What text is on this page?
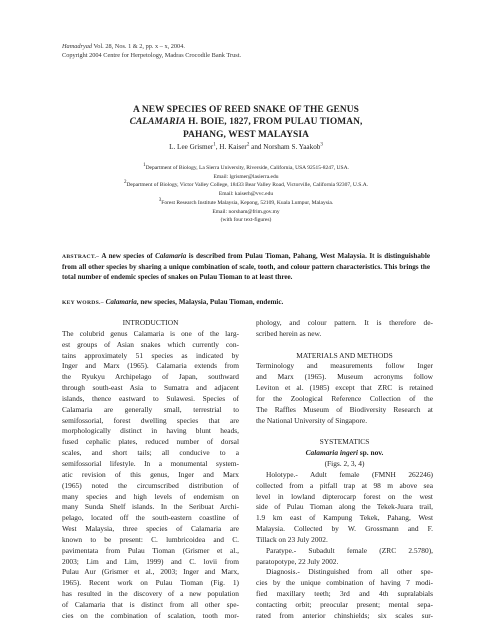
Hamadryad Vol. 28, Nos. 1 & 2, pp. x – x, 2004.
Copyright 2004 Centre for Herpetology, Madras Crocodile Bank Trust.
A NEW SPECIES OF REED SNAKE OF THE GENUS
CALAMARIA H. BOIE, 1827, FROM PULAU TIOMAN,
PAHANG, WEST MALAYSIA
L. Lee Grismer$^1$, H. Kaiser$^2$ and Norsham S. Yaakob$^3$
$^1$Department of Biology, La Sierra University, Riverside, California, USA 92515-8247, USA.
Email: lgrismer@lasierra.edu
$^2$Department of Biology, Victor Valley College, 18433 Bear Valley Road, Victorville, California 92307, U.S.A.
Email: kaiserh@vvc.edu
$^3$Forest Research Institute Malaysia, Kepong, 52109, Kuala Lumpur, Malaysia.
Email: norsham@frim.gov.my
(with four text-figures)
ABSTRACT.– A new species of Calamaria is described from Pulau Tioman, Pahang, West Malaysia. It is distinguishable from all other species by sharing a unique combination of scale, tooth, and colour pattern characteristics. This brings the total number of endemic species of snakes on Pulau Tioman to at least three.
KEY WORDS.– Calamaria, new species, Malaysia, Pulau Tioman, endemic.
INTRODUCTION
The colubrid genus Calamaria is one of the larg-
est groups of Asian snakes which currently con-
tains approximately 51 species as indicated by
Inger and Marx (1965). Calamaria extends from
the Ryukyu Archipelago of Japan, southward
through south-east Asia to Sumatra and adjacent
islands, thence eastward to Sulawesi. Species of
Calamaria are generally small, terrestrial to
semifossorial, forest dwelling species that are
morphologically distinct in having blunt heads,
fused cephalic plates, reduced number of dorsal
scales, and short tails; all conducive to a
semifossorial lifestyle. In a monumental system-
atic revision of this genus, Inger and Marx
(1965) noted the circumscribed distribution of
many species and high levels of endemism on
many Sunda Shelf islands. In the Seribuat Archi-
pelago, located off the south-eastern coastline of
West Malaysia, three species of Calamaria are
known to be present: C. lumbricoidea and C.
pavimentata from Pulau Tioman (Grismer et al.,
2003; Lim and Lim, 1999) and C. lovii from
Pulau Aur (Grismer et al., 2003; Inger and Marx,
1965). Recent work on Pulau Tioman (Fig. 1)
has resulted in the discovery of a new population
of Calamaria that is distinct from all other spe-
cies on the combination of scalation, tooth mor-
phology, and colour pattern. It is therefore de-
scribed herein as new.
MATERIALS AND METHODS
Terminology and measurements follow Inger
and Marx (1965). Museum acronyms follow
Leviton et al. (1985) except that ZRC is retained
for the Zoological Reference Collection of the
The Raffles Museum of Biodiversity Research at
the National University of Singapore.
SYSTEMATICS
Calamaria ingeri sp. nov.
(Figs. 2, 3, 4)
Holotype.- Adult female (FMNH 262246)
collected from a pitfall trap at 98 m above sea
level in lowland dipterocarp forest on the west
side of Pulau Tioman along the Tekek-Juara trail,
1.9 km east of Kampung Tekek, Pahang, West
Malaysia. Collected by W. Grossmann and F.
Tillack on 23 July 2002.
Paratype.- Subadult female (ZRC 2.5780),
paratopotype, 22 July 2002.
Diagnosis.- Distinguished from all other spe-
cies by the unique combination of having 7 modi-
fied maxillary teeth; 3rd and 4th supralabials
contacting orbit; preocular present; mental sepa-
rated from anterior chinshields; six scales sur-
